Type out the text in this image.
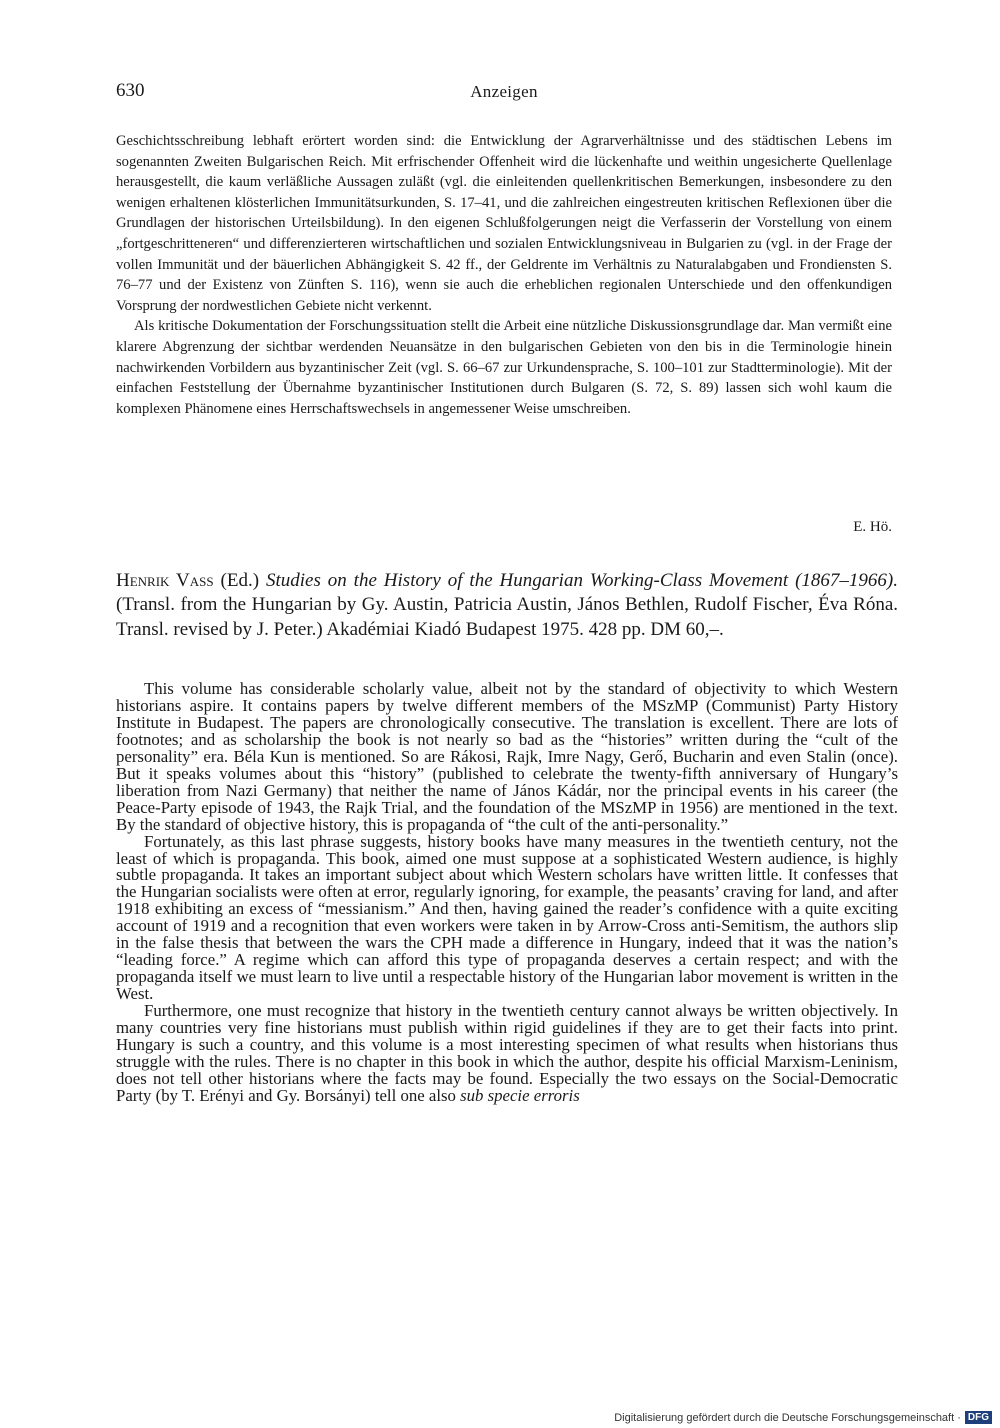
630	Anzeigen

Geschichtsschreibung lebhaft erörtert worden sind: die Entwicklung der Agrarverhältnisse und des städtischen Lebens im sogenannten Zweiten Bulgarischen Reich. Mit erfrischender Offenheit wird die lückenhafte und weithin ungesicherte Quellenlage herausgestellt, die kaum verläßliche Aussagen zuläßt (vgl. die einleitenden quellenkritischen Bemerkungen, insbesondere zu den wenigen erhaltenen klösterlichen Immunitätsurkunden, S. 17–41, und die zahlreichen eingestreuten kritischen Reflexionen über die Grundlagen der historischen Urteilsbildung). In den eigenen Schlußfolgerungen neigt die Verfasserin der Vorstellung von einem „fortgeschritteneren“ und differenzierteren wirtschaftlichen und sozialen Entwicklungsniveau in Bulgarien zu (vgl. in der Frage der vollen Immunität und der bäuerlichen Abhängigkeit S. 42 ff., der Geldrente im Verhältnis zu Naturalabgaben und Frondiensten S. 76–77 und der Existenz von Zünften S. 116), wenn sie auch die erheblichen regionalen Unterschiede und den offenkundigen Vorsprung der nordwestlichen Gebiete nicht verkennt.

Als kritische Dokumentation der Forschungssituation stellt die Arbeit eine nützliche Diskussionsgrundlage dar. Man vermißt eine klarere Abgrenzung der sichtbar werdenden Neuansätze in den bulgarischen Gebieten von den bis in die Terminologie hinein nachwirkenden Vorbildern aus byzantinischer Zeit (vgl. S. 66–67 zur Urkundensprache, S. 100–101 zur Stadtterminologie). Mit der einfachen Feststellung der Übernahme byzantinischer Institutionen durch Bulgaren (S. 72, S. 89) lassen sich wohl kaum die komplexen Phänomene eines Herrschaftswechsels in angemessener Weise umschreiben.

E. Hö.
Henrik Vass (Ed.) Studies on the History of the Hungarian Working-Class Movement (1867–1966). (Transl. from the Hungarian by Gy. Austin, Patricia Austin, János Bethlen, Rudolf Fischer, Éva Róna. Transl. revised by J. Peter.) Akadémiai Kiadó Budapest 1975. 428 pp. DM 60,–.

This volume has considerable scholarly value, albeit not by the standard of objectivity to which Western historians aspire. It contains papers by twelve different members of the MSzMP (Communist) Party History Institute in Budapest. The papers are chronologically consecutive. The translation is excellent. There are lots of footnotes; and as scholarship the book is not nearly so bad as the “histories” written during the “cult of the personality” era. Béla Kun is mentioned. So are Rákosi, Rajk, Imre Nagy, Gerő, Bucharin and even Stalin (once). But it speaks volumes about this “history” (published to celebrate the twenty-fifth anniversary of Hungary’s liberation from Nazi Germany) that neither the name of János Kádár, nor the principal events in his career (the Peace-Party episode of 1943, the Rajk Trial, and the foundation of the MSzMP in 1956) are mentioned in the text. By the standard of objective history, this is propaganda of “the cult of the anti-personality.”

Fortunately, as this last phrase suggests, history books have many measures in the twentieth century, not the least of which is propaganda. This book, aimed one must suppose at a sophisticated Western audience, is highly subtle propaganda. It takes an important subject about which Western scholars have written little. It confesses that the Hungarian socialists were often at error, regularly ignoring, for example, the peasants’ craving for land, and after 1918 exhibiting an excess of “messianism.” And then, having gained the reader’s confidence with a quite exciting account of 1919 and a recognition that even workers were taken in by Arrow-Cross anti-Semitism, the authors slip in the false thesis that between the wars the CPH made a difference in Hungary, indeed that it was the nation’s “leading force.” A regime which can afford this type of propaganda deserves a certain respect; and with the propaganda itself we must learn to live until a respectable history of the Hungarian labor movement is written in the West.

Furthermore, one must recognize that history in the twentieth century cannot always be written objectively. In many countries very fine historians must publish within rigid guidelines if they are to get their facts into print. Hungary is such a country, and this volume is a most interesting specimen of what results when historians thus struggle with the rules. There is no chapter in this book in which the author, despite his official Marxism-Leninism, does not tell other historians where the facts may be found. Especially the two essays on the Social-Democratic Party (by T. Erényi and Gy. Borsányi) tell one also sub specie erroris

Digitalisierung gefördert durch die Deutsche Forschungsgemeinschaft · DFG
